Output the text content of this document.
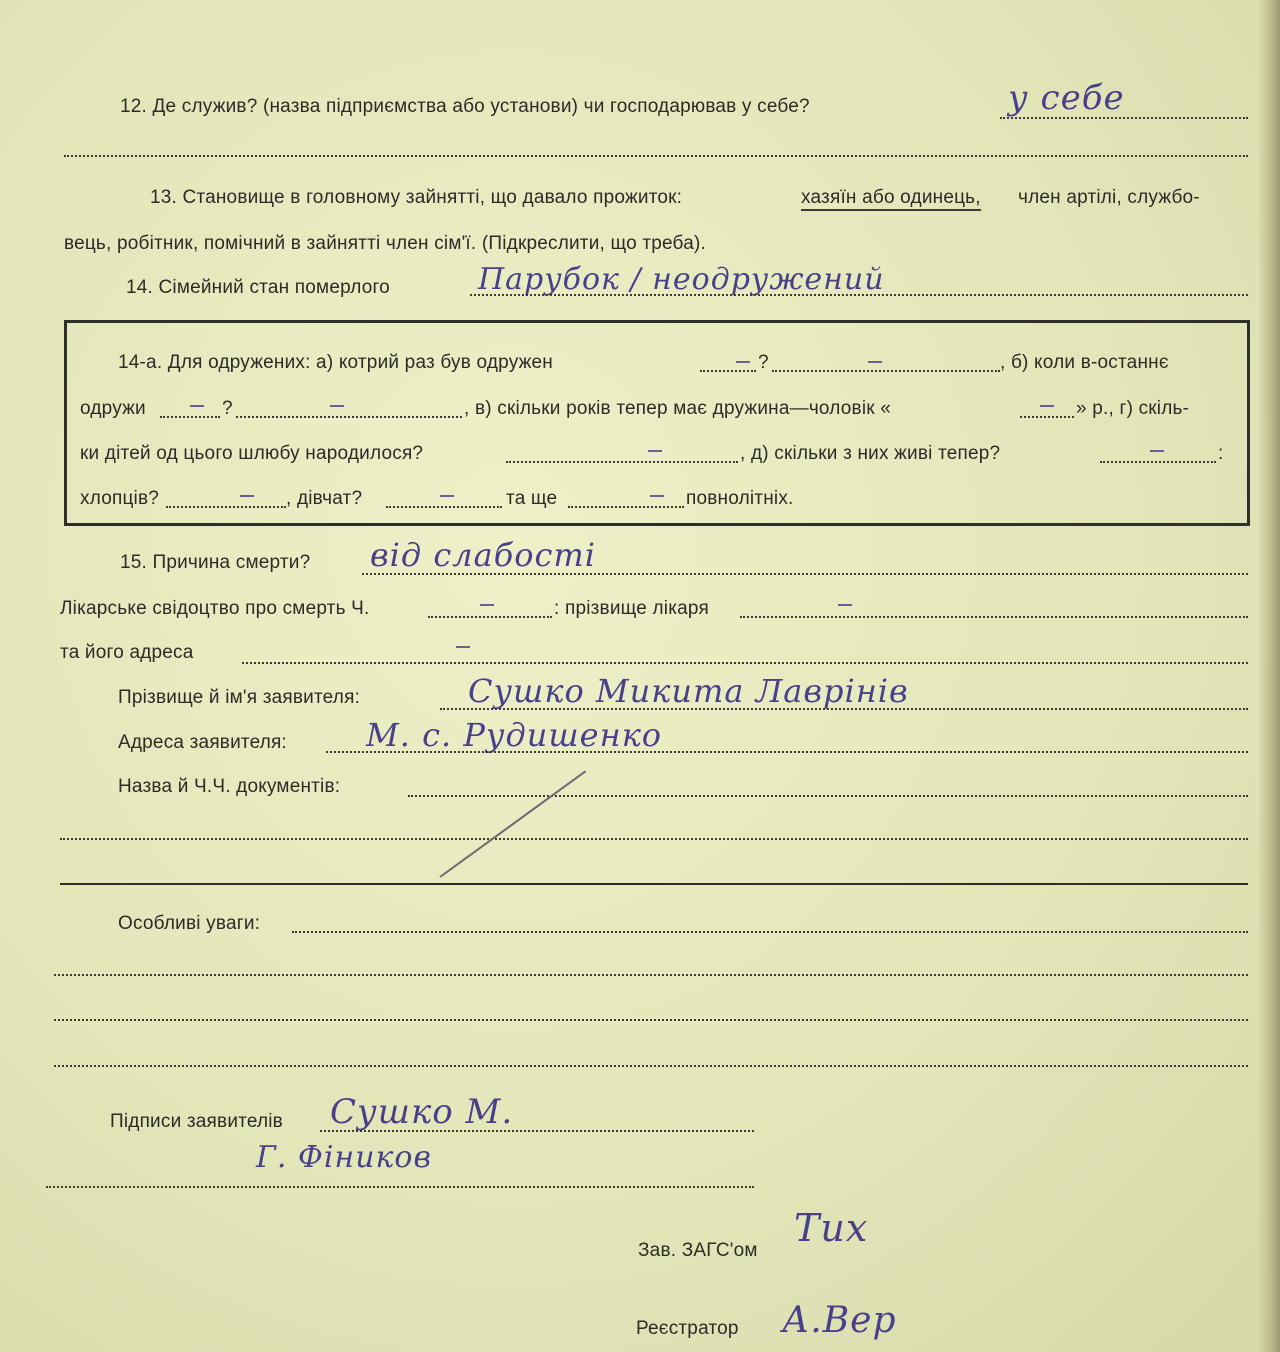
12. Де служив? (назва підприємства або установи) чи господарював у себе?	у себе
13. Становище в головному зайнятті, що давало прожиток:	хазяїн або одинець, член артілі, службо-
вець, робітник, помічний в зайнятті член сім'ї. (Підкреслити, що треба).
14. Сімейний стан померлого	Парубок / неодружений
14-а. Для одружених: а) котрий раз був одружен	?	, б) коли в-останнє
одружи	?	, в) скільки років тепер має дружина—чоловік «	» р., г) скіль-
ки дітей од цього шлюбу народилося?	, д) скільки з них живі тепер?	:
хлопців?	, дівчат?	та ще	повнолітніх.
15. Причина смерти? від слабості
Лікарське свідоцтво про смерть Ч.	: прізвище лікаря
та його адреса
Прізвище й ім'я заявителя:	Сушко Микита Лаврінів
Адреса заявителя: М. с. Рудишенко
Назва й Ч.Ч. документів:
Особливі уваги:
Підписи заявителів Сушко М.
Г. Фіников
Зав. ЗАГС'ом
Тих
Реєстратор А.Вер
